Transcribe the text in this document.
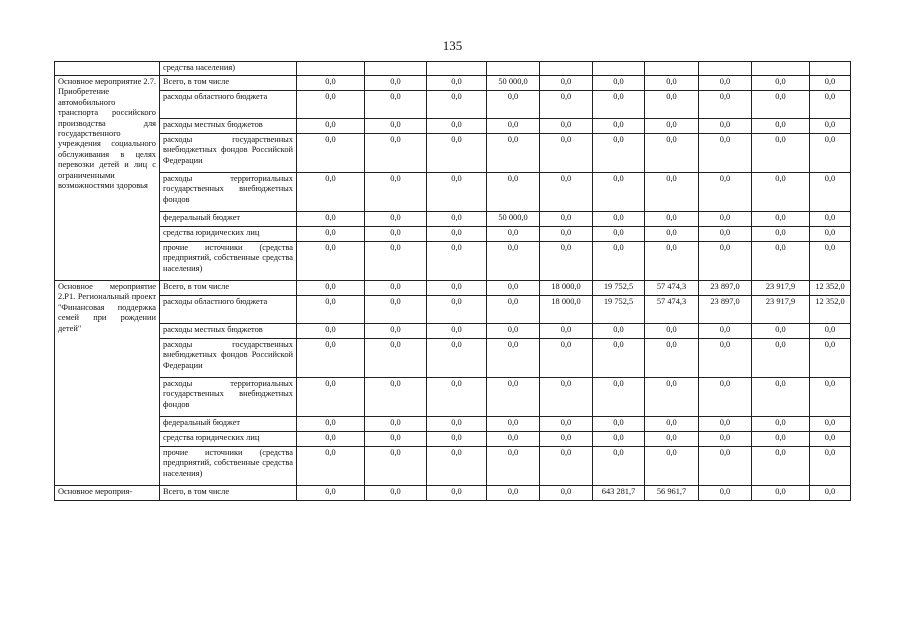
135
	средства населения)										
Основное мероприятие 2.7. Приобретение автомобильного транспорта российского производства для государственного учреждения социального обслуживания в целях перевозки детей и лиц с ограниченными возможностями здоровья	Всего, в том числе	0,0	0,0	0,0	50 000,0	0,0	0,0	0,0	0,0	0,0	0,0
	расходы областного бюджета	0,0	0,0	0,0	0,0	0,0	0,0	0,0	0,0	0,0	0,0
	расходы местных бюджетов	0,0	0,0	0,0	0,0	0,0	0,0	0,0	0,0	0,0	0,0
	расходы государственных внебюджетных фондов Российской Федерации	0,0	0,0	0,0	0,0	0,0	0,0	0,0	0,0	0,0	0,0
	расходы территориальных государственных внебюджетных фондов	0,0	0,0	0,0	0,0	0,0	0,0	0,0	0,0	0,0	0,0
	федеральный бюджет	0,0	0,0	0,0	50 000,0	0,0	0,0	0,0	0,0	0,0	0,0
	средства юридических лиц	0,0	0,0	0,0	0,0	0,0	0,0	0,0	0,0	0,0	0,0
	прочие источники (средства предприятий, собственные средства населения)	0,0	0,0	0,0	0,0	0,0	0,0	0,0	0,0	0,0	0,0
Основное мероприятие 2.Р1. Региональный проект "Финансовая поддержка семей при рождении детей"	Всего, в том числе	0,0	0,0	0,0	0,0	18 000,0	19 752,5	57 474,3	23 897,0	23 917,9	12 352,0
	расходы областного бюджета	0,0	0,0	0,0	0,0	18 000,0	19 752,5	57 474,3	23 897,0	23 917,9	12 352,0
	расходы местных бюджетов	0,0	0,0	0,0	0,0	0,0	0,0	0,0	0,0	0,0	0,0
	расходы государственных внебюджетных фондов Российской Федерации	0,0	0,0	0,0	0,0	0,0	0,0	0,0	0,0	0,0	0,0
	расходы территориальных государственных внебюджетных фондов	0,0	0,0	0,0	0,0	0,0	0,0	0,0	0,0	0,0	0,0
	федеральный бюджет	0,0	0,0	0,0	0,0	0,0	0,0	0,0	0,0	0,0	0,0
	средства юридических лиц	0,0	0,0	0,0	0,0	0,0	0,0	0,0	0,0	0,0	0,0
	прочие источники (средства предприятий, собственные средства населения)	0,0	0,0	0,0	0,0	0,0	0,0	0,0	0,0	0,0	0,0
Основное мероприя-	Всего, в том числе	0,0	0,0	0,0	0,0	0,0	643 281,7	56 961,7	0,0	0,0	0,0
